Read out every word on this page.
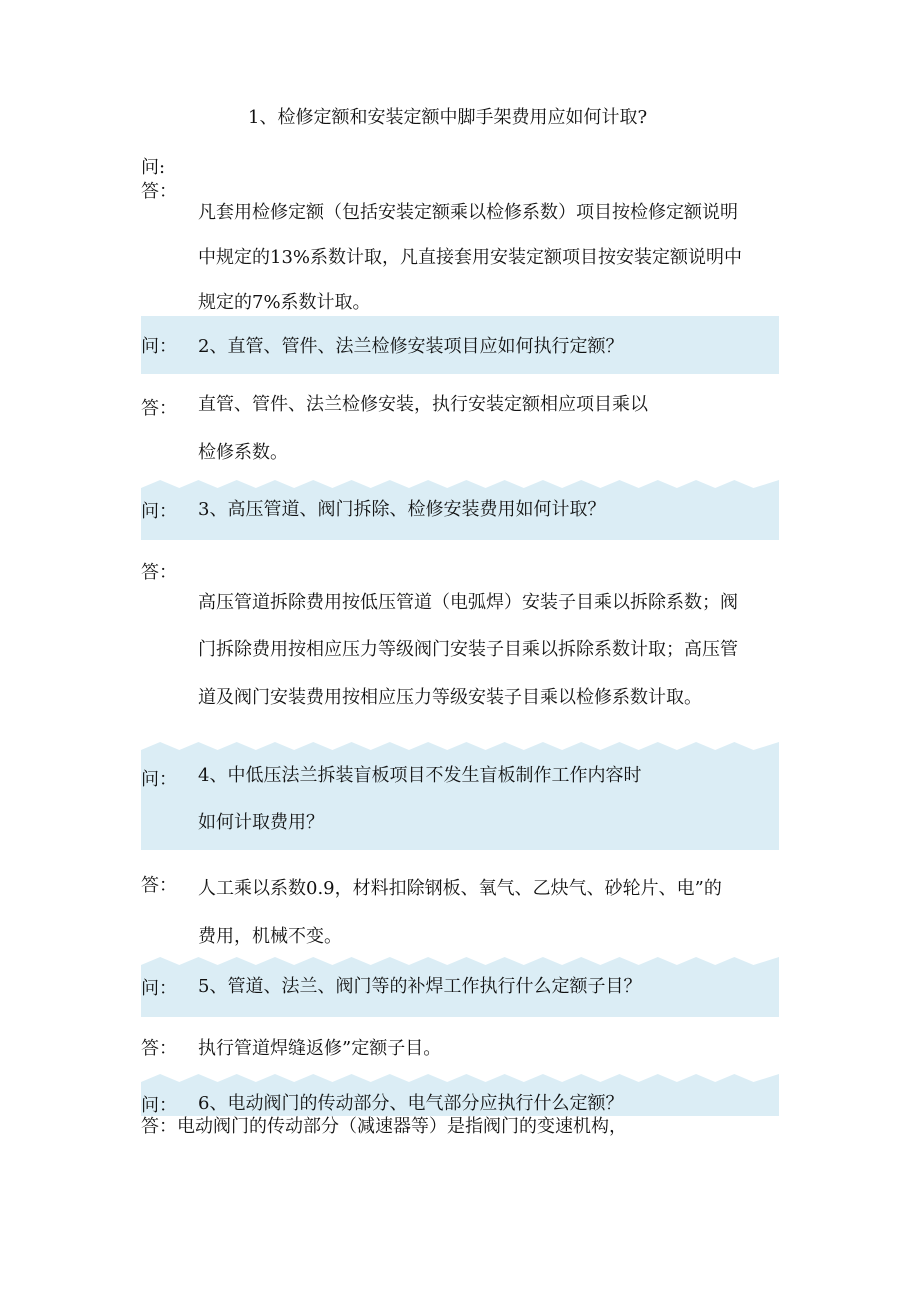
1、检修定额和安装定额中脚手架费用应如何计取?
问:
答：
凡套用检修定额（包括安装定额乘以检修系数）项目按检修定额说明
中规定的13%系数计取，凡直接套用安装定额项目按安装定额说明中
规定的7%系数计取。
问： 2、直管、管件、法兰检修安装项目应如何执行定额？
答： 直管、管件、法兰检修安装，执行安装定额相应项目乘以
检修系数。
问： 3、高压管道、阀门拆除、检修安装费用如何计取？
答：
高压管道拆除费用按低压管道（电弧焊）安装子目乘以拆除系数；阀
门拆除费用按相应压力等级阀门安装子目乘以拆除系数计取；高压管
道及阀门安装费用按相应压力等级安装子目乘以检修系数计取。
问： 4、中低压法兰拆装盲板项目不发生盲板制作工作内容时
如何计取费用？
答： 人工乘以系数0.9，材料扣除钢板、氧气、乙炔气、砂轮片、电”的
费用，机械不变。
问： 5、管道、法兰、阀门等的补焊工作执行什么定额子目？
答： 执行管道焊缝返修”定额子目。
问： 6、电动阀门的传动部分、电气部分应执行什么定额？
答：电动阀门的传动部分（减速器等）是指阀门的变速机构，
